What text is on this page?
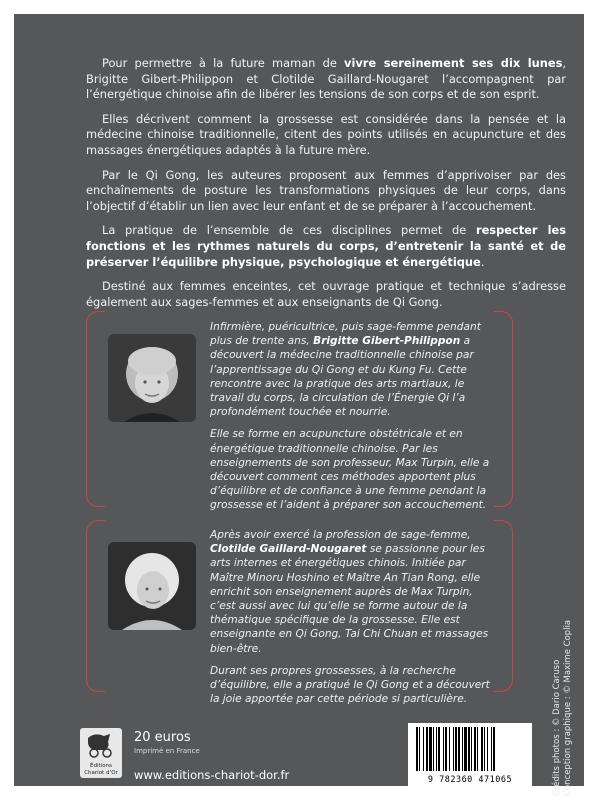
Pour permettre à la future maman de vivre sereinement ses dix lunes, Brigitte Gibert-Philippon et Clotilde Gaillard-Nougaret l’accompagnent par l’énergétique chinoise afin de libérer les tensions de son corps et de son esprit.

Elles décrivent comment la grossesse est considérée dans la pensée et la médecine chinoise traditionnelle, citent des points utilisés en acupuncture et des massages énergétiques adaptés à la future mère.

Par le Qi Gong, les auteures proposent aux femmes d’apprivoiser par des enchaînements de posture les transformations physiques de leur corps, dans l’objectif d’établir un lien avec leur enfant et de se préparer à l’accouchement.

La pratique de l’ensemble de ces disciplines permet de respecter les fonctions et les rythmes naturels du corps, d’entretenir la santé et de préserver l’équilibre physique, psychologique et énergétique.

Destiné aux femmes enceintes, cet ouvrage pratique et technique s’adresse également aux sages-femmes et aux enseignants de Qi Gong.

Infirmière, puéricultrice, puis sage-femme pendant plus de trente ans, Brigitte Gibert-Philippon a découvert la médecine traditionnelle chinoise par l’apprentissage du Qi Gong et du Kung Fu. Cette rencontre avec la pratique des arts martiaux, le travail du corps, la circulation de l’Énergie Qi l’a profondément touchée et nourrie.

Elle se forme en acupuncture obstétricale et en énergétique traditionnelle chinoise. Par les enseignements de son professeur, Max Turpin, elle a découvert comment ces méthodes apportent plus d’équilibre et de confiance à une femme pendant la grossesse et l’aident à préparer son accouchement.

Après avoir exercé la profession de sage-femme, Clotilde Gaillard-Nougaret se passionne pour les arts internes et énergétiques chinois. Initiée par Maître Minoru Hoshino et Maître An Tian Rong, elle enrichit son enseignement auprès de Max Turpin, c’est aussi avec lui qu’elle se forme autour de la thématique spécifique de la grossesse. Elle est enseignante en Qi Gong, Tai Chi Chuan et massages bien-être.

Durant ses propres grossesses, à la recherche d’équilibre, elle a pratiqué le Qi Gong et a découvert la joie apportée par cette période si particulière.

Éditions
Chariot d’Or
20 euros
Imprimé en France
www.editions-chariot-dor.fr	9 782360 471065	Crédits photos : © Dario Caruso Conception graphique : © Maxime Coplia
